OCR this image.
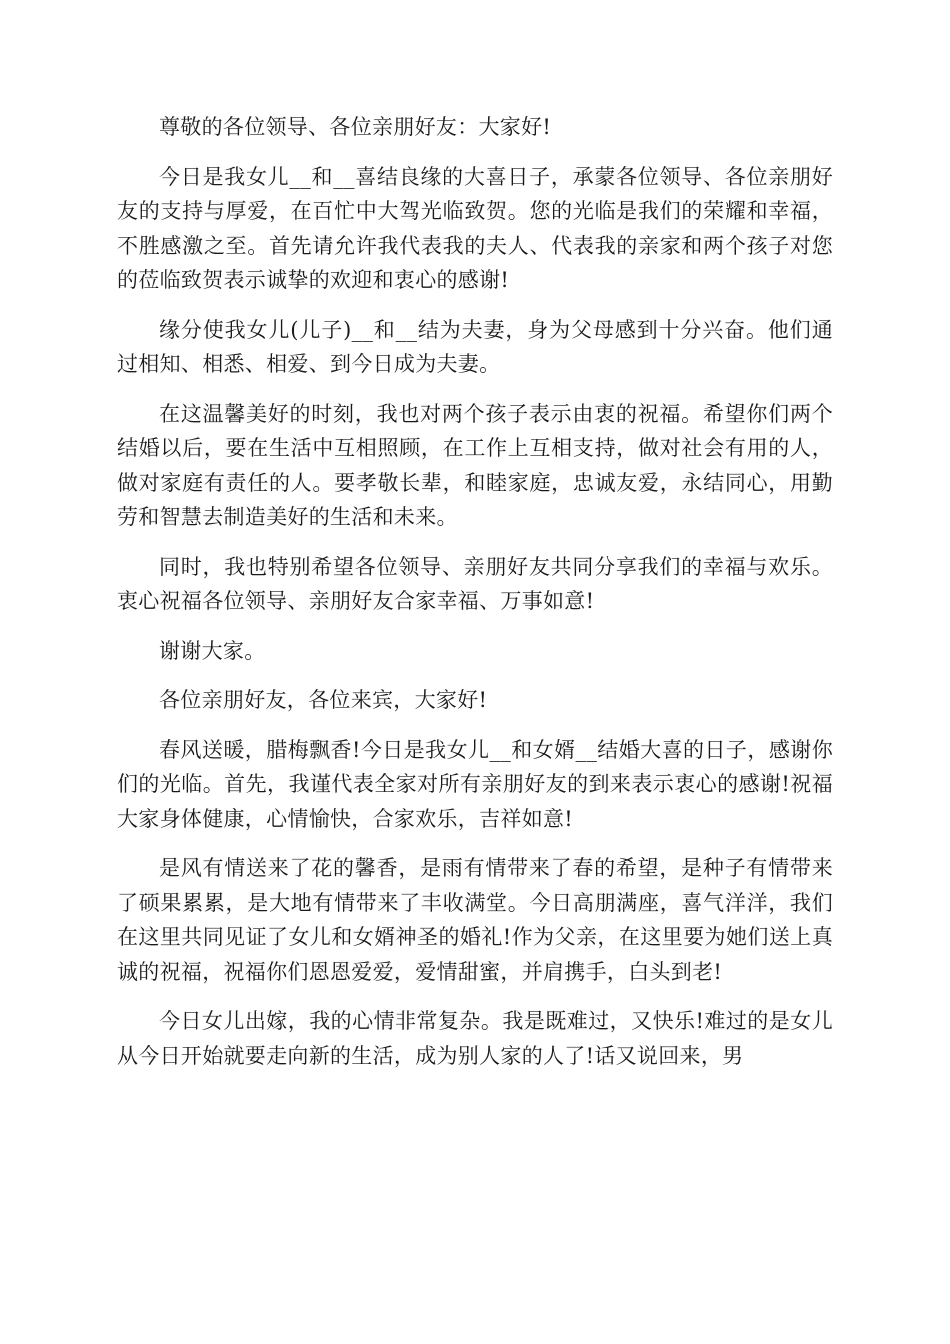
尊敬的各位领导、各位亲朋好友：大家好!

今日是我女儿__和__喜结良缘的大喜日子，承蒙各位领导、各位亲朋好友的支持与厚爱，在百忙中大驾光临致贺。您的光临是我们的荣耀和幸福，不胜感激之至。首先请允许我代表我的夫人、代表我的亲家和两个孩子对您的莅临致贺表示诚挚的欢迎和衷心的感谢!

缘分使我女儿(儿子)__和__结为夫妻，身为父母感到十分兴奋。他们通过相知、相悉、相爱、到今日成为夫妻。

在这温馨美好的时刻，我也对两个孩子表示由衷的祝福。希望你们两个结婚以后，要在生活中互相照顾，在工作上互相支持，做对社会有用的人，做对家庭有责任的人。要孝敬长辈，和睦家庭，忠诚友爱，永结同心，用勤劳和智慧去制造美好的生活和未来。

同时，我也特别希望各位领导、亲朋好友共同分享我们的幸福与欢乐。衷心祝福各位领导、亲朋好友合家幸福、万事如意!

谢谢大家。

各位亲朋好友，各位来宾，大家好!

春风送暖，腊梅飘香!今日是我女儿__和女婿__结婚大喜的日子，感谢你们的光临。首先，我谨代表全家对所有亲朋好友的到来表示衷心的感谢!祝福大家身体健康，心情愉快，合家欢乐，吉祥如意!

是风有情送来了花的馨香，是雨有情带来了春的希望，是种子有情带来了硕果累累，是大地有情带来了丰收满堂。今日高朋满座，喜气洋洋，我们在这里共同见证了女儿和女婿神圣的婚礼!作为父亲，在这里要为她们送上真诚的祝福，祝福你们恩恩爱爱，爱情甜蜜，并肩携手，白头到老!

今日女儿出嫁，我的心情非常复杂。我是既难过，又快乐!难过的是女儿从今日开始就要走向新的生活，成为别人家的人了!话又说回来，男
